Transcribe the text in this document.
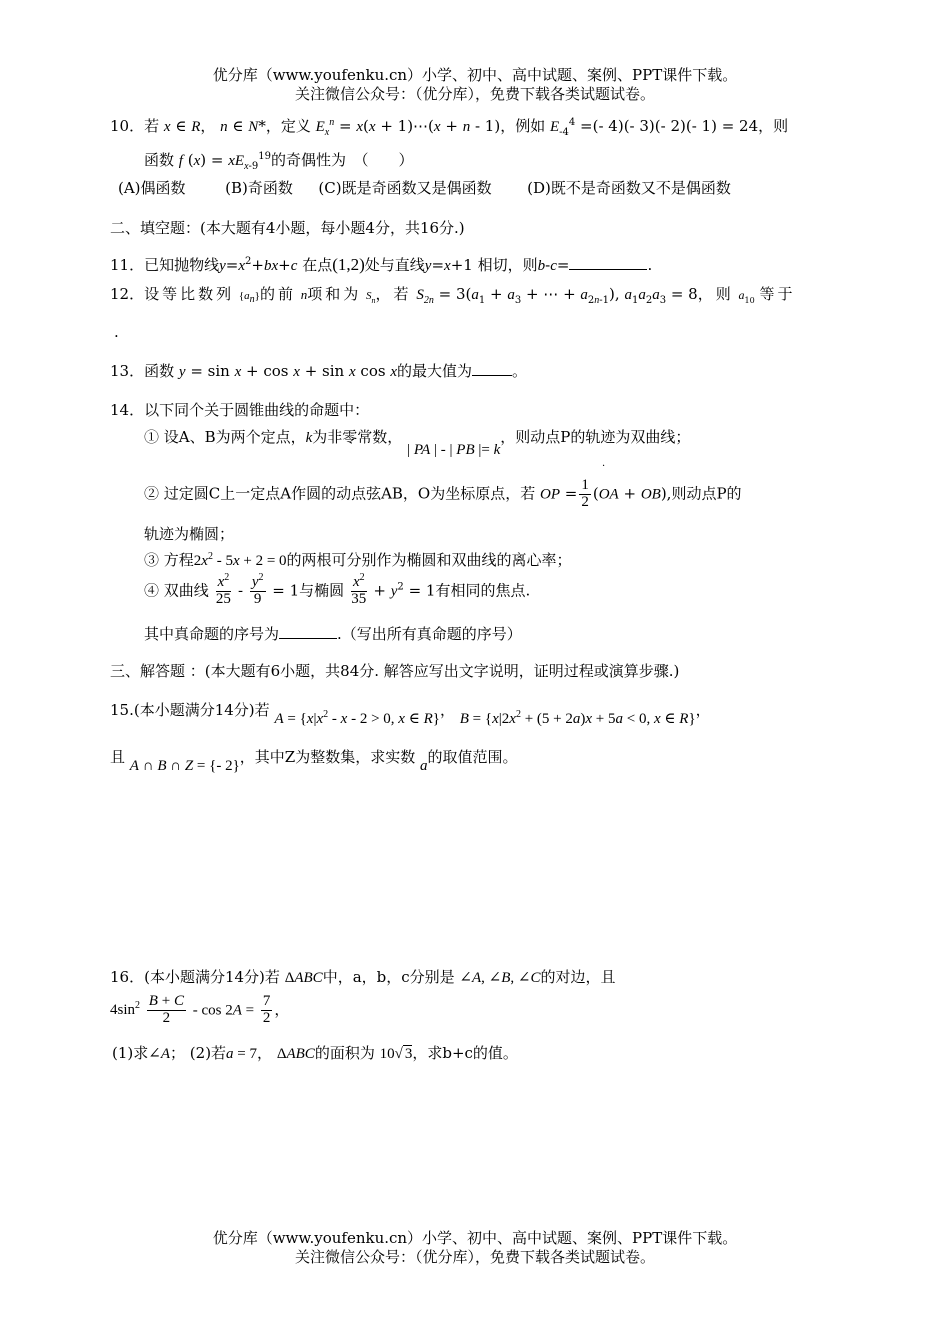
优分库（www.youfenku.cn）小学、初中、高中试题、案例、PPT课件下载。
关注微信公众号：（优分库），免费下载各类试题试卷。
10．若 x ∈ R， n ∈ N*，定义 $E_x^n = x(x$ + 1)⋯(x + n - 1)，例如 $E_{-4}^4$ =(- 4)(- 3)(- 2)(- 1) = 24，则
函数 f $(x) = xE_{x-9}^{19}$的奇偶性为　（　　）
(A)偶函数	(B)奇函数 (C)既是奇函数又是偶函数 (D)既不是奇函数又不是偶函数
二、填空题：(本大题有4小题，每小题4分，共16分.)
11．已知抛物线$y=x^2+bx+c$ 在点(1,2)处与直线y=x+1 相切，则b-c=	.
12．设等比数列 $\{a_n\}$的前 n项和为 $S_n$，若 $S_{2n} = 3(a_1 + a_3$ + ⋯ + $a_{2n-1}$), $a_1a_2a_3 = 8$，则 $a_{10}$ 等于
.
13．函数 y = sin x + cos x + sin x cos x的最大值为	。
14．以下同个关于圆锥曲线的命题中：
① 设A、B为两个定点，k为非零常数， | PA | - | PB |= k，则动点P的轨迹为双曲线；
·
② 过定圆C上一定点A作圆的动点弦AB，O为坐标原点，若 OP = $\frac{1}{2} (OA + OB)$,则动点P的
轨迹为椭圆；
③ 方程$2x^2 - 5x + 2 = 0$的两根可分别作为椭圆和双曲线的离心率；
④ 双曲线 $\frac{x^2}{25} - \frac{y^2}{9} = 1$与椭圆 $\frac{x^2}{35} + y^2 = 1$有相同的焦点.
其中真命题的序号为	.（写出所有真命题的序号）
三、解答题 ：(本大题有6小题，共84分. 解答应写出文字说明，证明过程或演算步骤.)
15.(本小题满分14分)若 $A = \{x|x^2 - x - 2 > 0$, x ∈ R}， $B = \{x|2x^2 + (5 + 2a)x + 5a < 0$, x ∈ R}，
且 A ∩ B ∩ Z = {- 2}，其中Z为整数集，求实数 a的取值范围。
16．(本小题满分14分)若 ΔABC中，a，b，c分别是 ∠A, ∠B, ∠C的对边，且
$4\sin^2 \frac{B + C}{2} - \cos 2A = \frac{7}{2}$ ，
(1)求∠A； (2)若a = 7， ΔABC的面积为 10√ 3，求b+c的值。
优分库（www.youfenku.cn）小学、初中、高中试题、案例、PPT课件下载。
关注微信公众号：（优分库），免费下载各类试题试卷。
